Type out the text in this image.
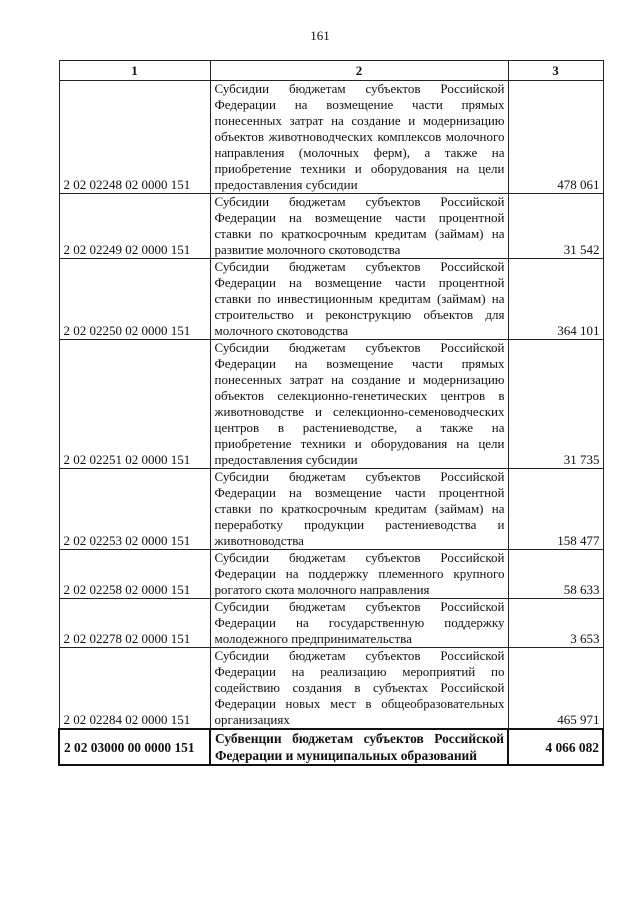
161
1	2	3
2 02 02248 02 0000 151	Субсидии бюджетам субъектов Российской Федерации на возмещение части прямых понесенных затрат на создание и модернизацию объектов животноводческих комплексов молочного направления (молочных ферм), а также на приобретение техники и оборудования на цели предоставления субсидии	478 061
2 02 02249 02 0000 151	Субсидии бюджетам субъектов Российской Федерации на возмещение части процентной ставки по краткосрочным кредитам (займам) на развитие молочного скотоводства	31 542
2 02 02250 02 0000 151	Субсидии бюджетам субъектов Российской Федерации на возмещение части процентной ставки по инвестиционным кредитам (займам) на строительство и реконструкцию объектов для молочного скотоводства	364 101
2 02 02251 02 0000 151	Субсидии бюджетам субъектов Российской Федерации на возмещение части прямых понесенных затрат на создание и модернизацию объектов селекционно-генетических центров в животноводстве и селекционно-семеноводческих центров в растениеводстве, а также на приобретение техники и оборудования на цели предоставления субсидии	31 735
2 02 02253 02 0000 151	Субсидии бюджетам субъектов Российской Федерации на возмещение части процентной ставки по краткосрочным кредитам (займам) на переработку продукции растениеводства и животноводства	158 477
2 02 02258 02 0000 151	Субсидии бюджетам субъектов Российской Федерации на поддержку племенного крупного рогатого скота молочного направления	58 633
2 02 02278 02 0000 151	Субсидии бюджетам субъектов Российской Федерации на государственную поддержку молодежного предпринимательства	3 653
2 02 02284 02 0000 151	Субсидии бюджетам субъектов Российской Федерации на реализацию мероприятий по содействию создания в субъектах Российской Федерации новых мест в общеобразовательных организациях	465 971
2 02 03000 00 0000 151	Субвенции бюджетам субъектов Российской Федерации и муниципальных образований	4 066 082
